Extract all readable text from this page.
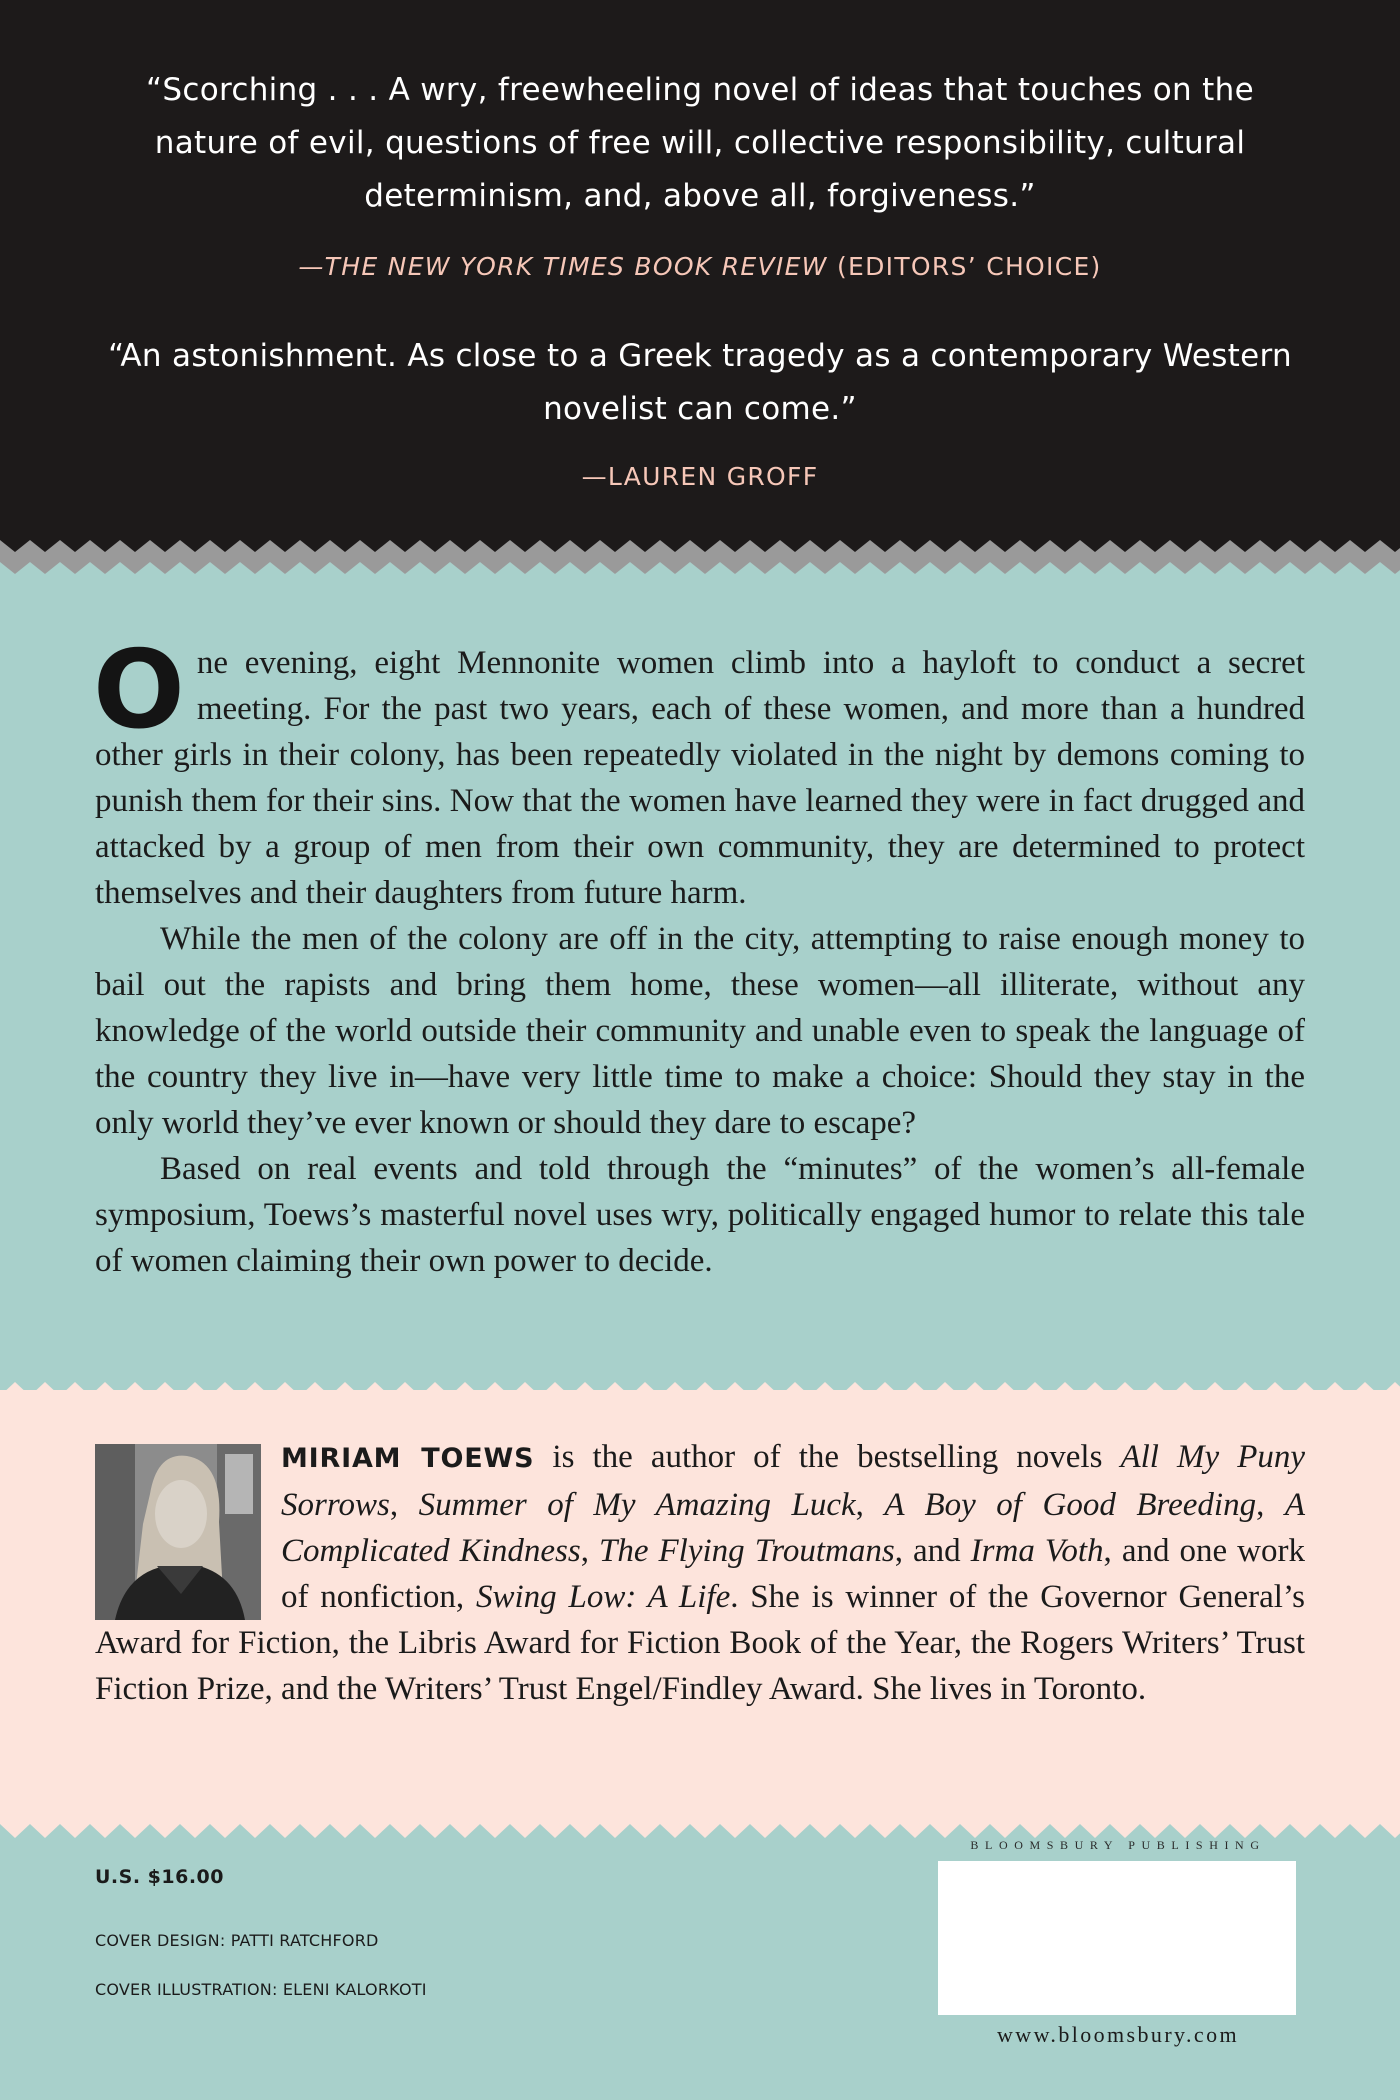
“Scorching . . . A wry, freewheeling novel of ideas that touches on the nature of evil, questions of free will, collective responsibility, cultural determinism, and, above all, forgiveness.”

—THE NEW YORK TIMES BOOK REVIEW (EDITORS’ CHOICE)

“An astonishment. As close to a Greek tragedy as a contemporary Western novelist can come.”

—LAUREN GROFF

One evening, eight Mennonite women climb into a hayloft to conduct a secret meeting. For the past two years, each of these women, and more than a hundred other girls in their colony, has been repeatedly violated in the night by demons coming to punish them for their sins. Now that the women have learned they were in fact drugged and attacked by a group of men from their own community, they are determined to protect themselves and their daughters from future harm.

While the men of the colony are off in the city, attempting to raise enough money to bail out the rapists and bring them home, these women—all illiterate, without any knowledge of the world outside their community and unable even to speak the language of the country they live in—have very little time to make a choice: Should they stay in the only world they’ve ever known or should they dare to escape?

Based on real events and told through the “minutes” of the women’s all-female symposium, Toews’s masterful novel uses wry, politically engaged humor to relate this tale of women claiming their own power to decide.

MIRIAM TOEWS is the author of the bestselling novels All My Puny Sorrows, Summer of My Amazing Luck, A Boy of Good Breeding, A Complicated Kindness, The Flying Troutmans, and Irma Voth, and one work of nonfiction, Swing Low: A Life. She is winner of the Governor General’s Award for Fiction, the Libris Award for Fiction Book of the Year, the Rogers Writers’ Trust Fiction Prize, and the Writers’ Trust Engel/Findley Award. She lives in Toronto.

U.S. $16.00

COVER DESIGN: PATTI RATCHFORD

COVER ILLUSTRATION: ELENI KALORKOTI

BLOOMSBURY PUBLISHING

www.bloomsbury.com
